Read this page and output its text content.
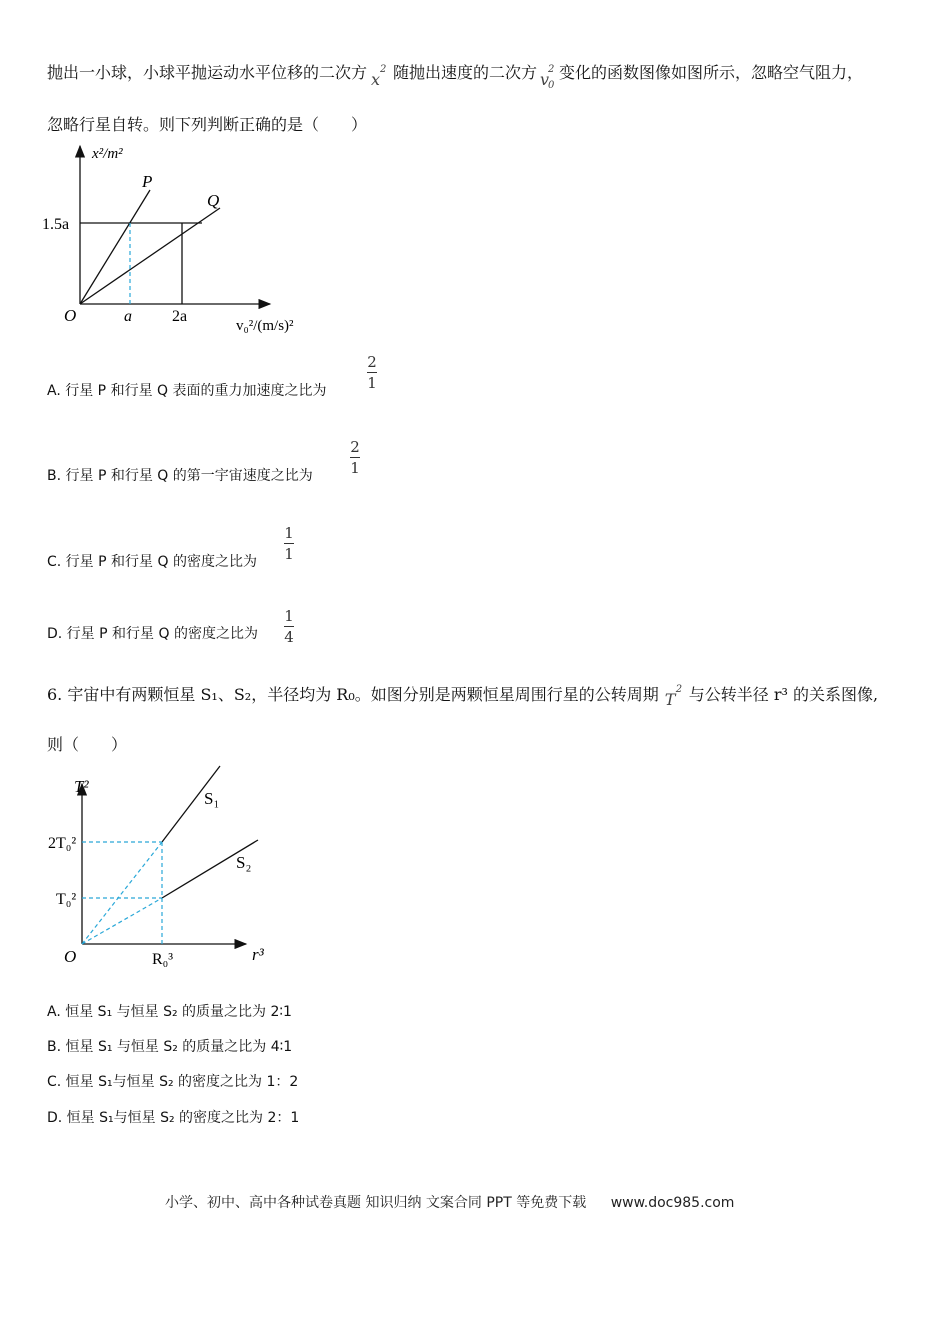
抛出一小球，小球平抛运动水平位移的二次方 x
2 随抛出速度的二次方 v
2
0
变化的函数图像如图所示，忽略空气阻力，
忽略行星自转。则下列判断正确的是（　　）
x²/m²
v₀²/(m/s)²
O
1.5a
a	2a
P
Q
A. 行星 P 和行星 Q 表面的重力加速度之比为
2
1
B. 行星 P 和行星 Q 的第一宇宙速度之比为
2
1
C. 行星 P 和行星 Q 的密度之比为
1
1
D. 行星 P 和行星 Q 的密度之比为
1
4
6. 宇宙中有两颗恒星 S₁、S₂，半径均为 R₀。如图分别是两颗恒星周围行星的公转周期 T
2 与公转半径 r³ 的关系图像,
则（　　）
T²
r³
O
2T₀²
T₀²
R₀³
S₁
S₂
A. 恒星 S₁ 与恒星 S₂ 的质量之比为 2∶1
B. 恒星 S₁ 与恒星 S₂ 的质量之比为 4∶1
C. 恒星 S₁与恒星 S₂ 的密度之比为 1：2
D. 恒星 S₁与恒星 S₂ 的密度之比为 2：1
小学、初中、高中各种试卷真题 知识归纳 文案合同 PPT 等免费下载 www.doc985.com
